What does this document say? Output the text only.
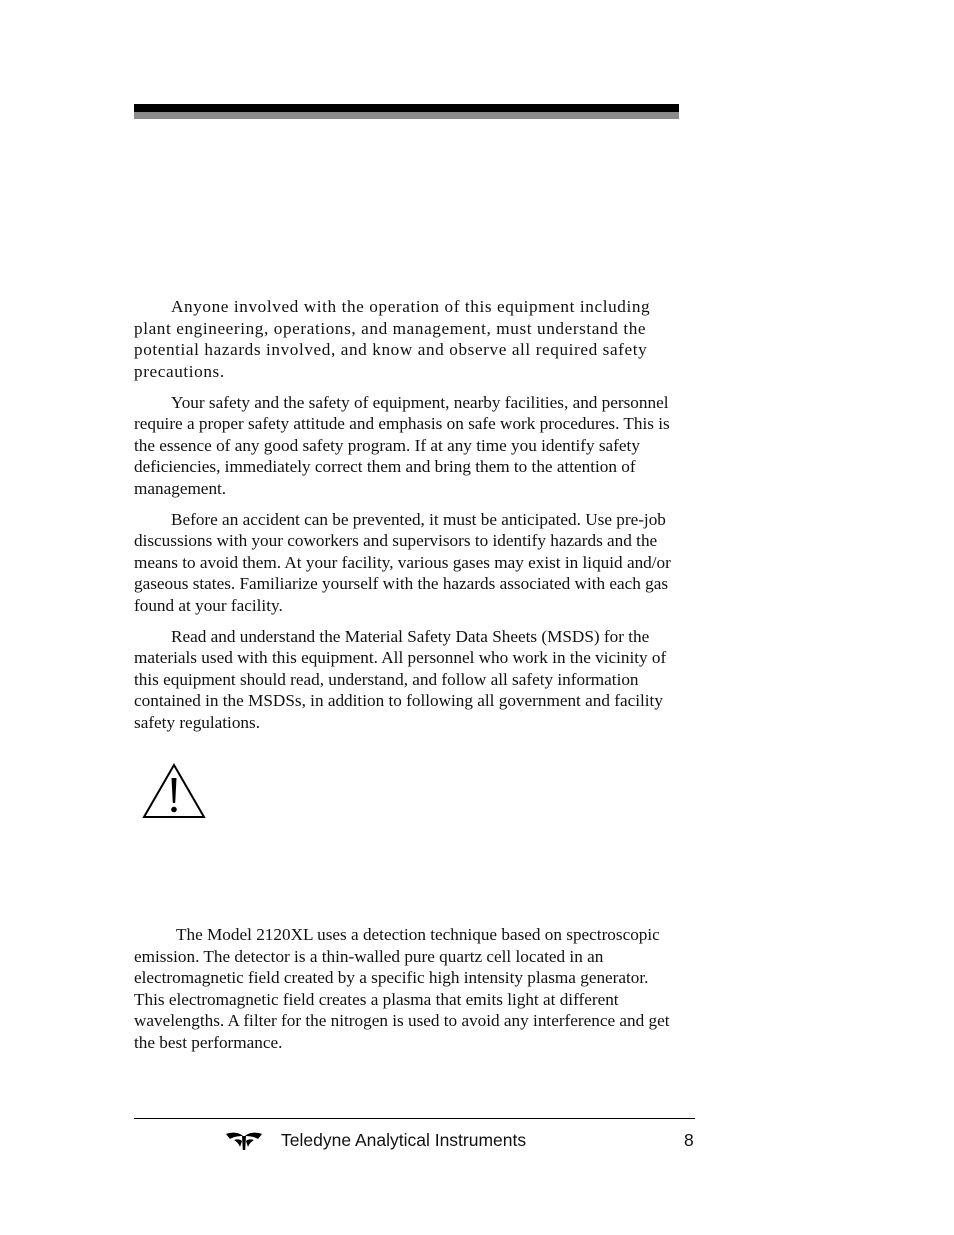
Anyone involved with the operation of this equipment including plant engineering, operations, and management, must understand the potential hazards involved, and know and observe all required safety precautions.

Your safety and the safety of equipment, nearby facilities, and personnel require a proper safety attitude and emphasis on safe work procedures. This is the essence of any good safety program. If at any time you identify safety deficiencies, immediately correct them and bring them to the attention of management.

Before an accident can be prevented, it must be anticipated. Use pre-job discussions with your coworkers and supervisors to identify hazards and the means to avoid them. At your facility, various gases may exist in liquid and/or gaseous states. Familiarize yourself with the hazards associated with each gas found at your facility.

Read and understand the Material Safety Data Sheets (MSDS) for the materials used with this equipment. All personnel who work in the vicinity of this equipment should read, understand, and follow all safety information contained in the MSDSs, in addition to following all government and facility safety regulations.

The Model 2120XL uses a detection technique based on spectroscopic emission. The detector is a thin-walled pure quartz cell located in an electromagnetic field created by a specific high intensity plasma generator. This electromagnetic field creates a plasma that emits light at different wavelengths. A filter for the nitrogen is used to avoid any interference and get the best performance.

Teledyne Analytical Instruments	8
